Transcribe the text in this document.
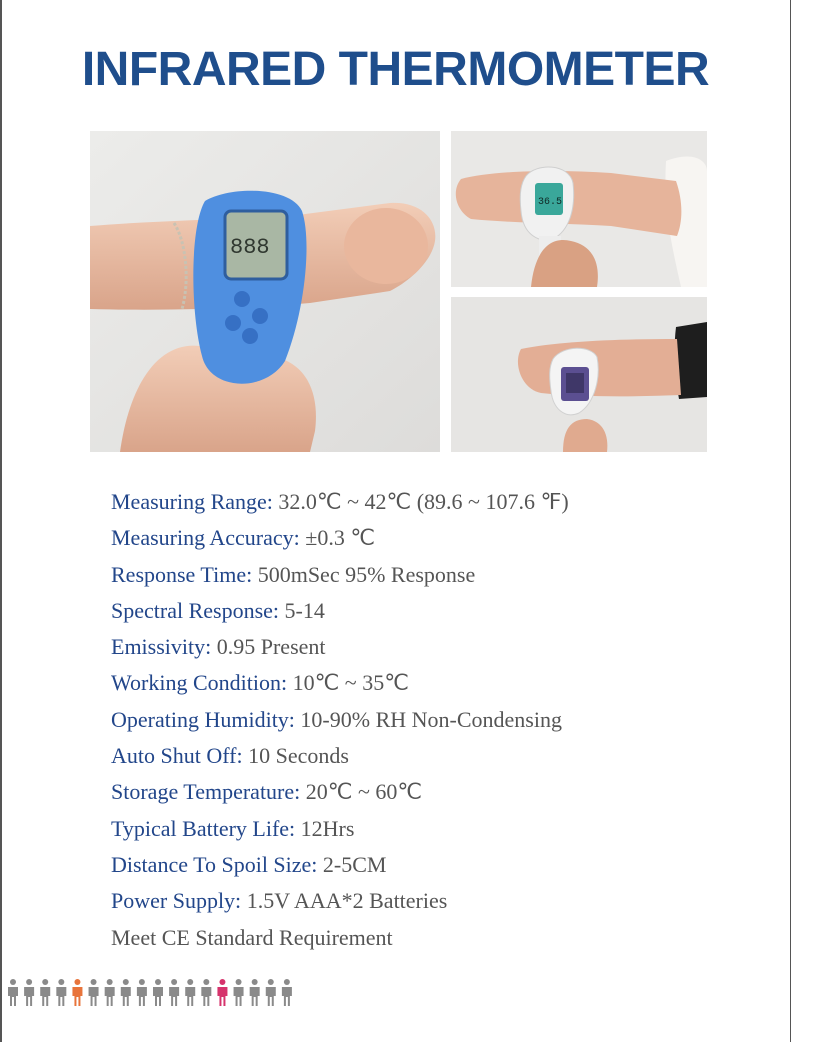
INFRARED THERMOMETER
888
36.5
Measuring Range: 32.0℃ ~ 42℃ (89.6 ~ 107.6 ℉)
Measuring Accuracy: ±0.3 ℃
Response Time: 500mSec 95% Response
Spectral Response: 5-14
Emissivity: 0.95 Present
Working Condition: 10℃ ~ 35℃
Operating Humidity: 10-90% RH Non-Condensing
Auto Shut Off: 10 Seconds
Storage Temperature: 20℃ ~ 60℃
Typical Battery Life: 12Hrs
Distance To Spoil Size: 2-5CM
Power Supply: 1.5V AAA*2 Batteries
Meet CE Standard Requirement
